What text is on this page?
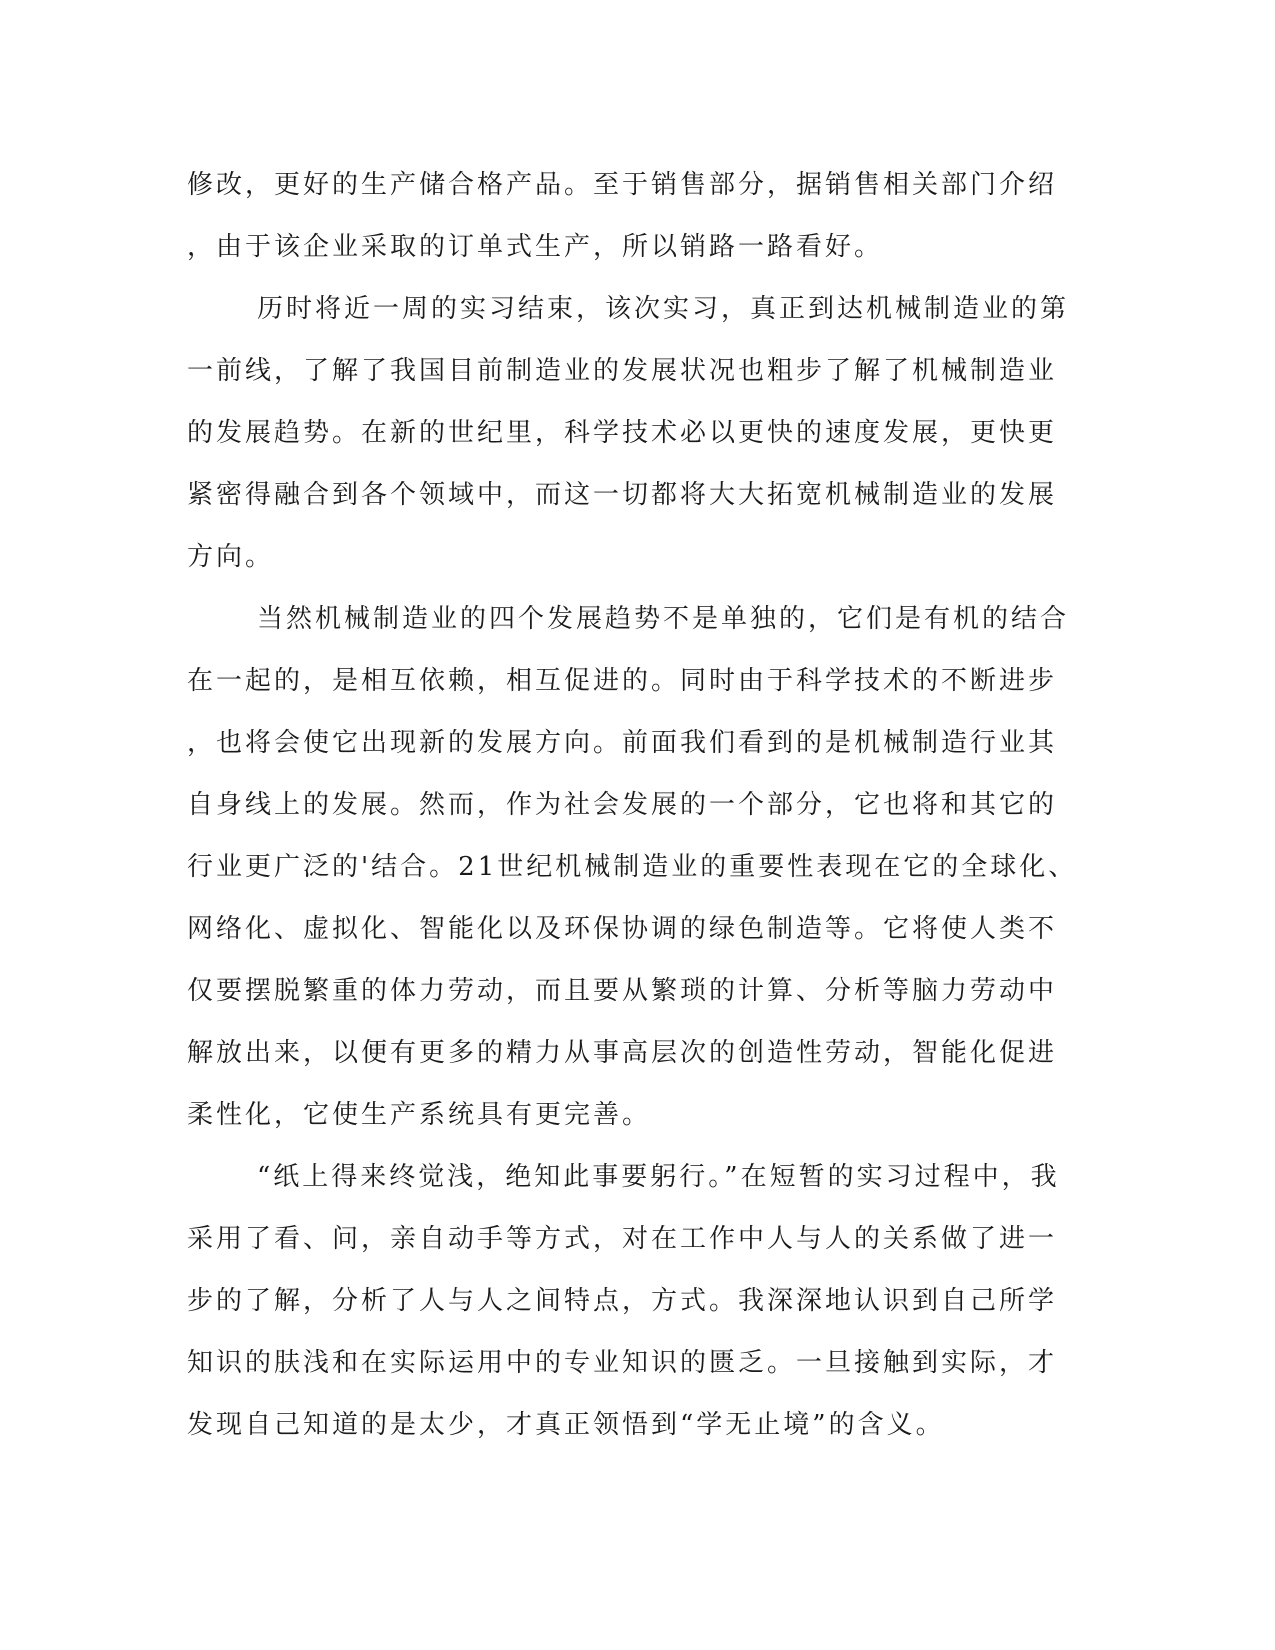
修改，更好的生产储合格产品。至于销售部分，据销售相关部门介绍
，由于该企业采取的订单式生产，所以销路一路看好。
历时将近一周的实习结束，该次实习，真正到达机械制造业的第
一前线，了解了我国目前制造业的发展状况也粗步了解了机械制造业
的发展趋势。在新的世纪里，科学技术必以更快的速度发展，更快更
紧密得融合到各个领域中，而这一切都将大大拓宽机械制造业的发展
方向。
当然机械制造业的四个发展趋势不是单独的，它们是有机的结合
在一起的，是相互依赖，相互促进的。同时由于科学技术的不断进步
，也将会使它出现新的发展方向。前面我们看到的是机械制造行业其
自身线上的发展。然而，作为社会发展的一个部分，它也将和其它的
行业更广泛的'结合。21世纪机械制造业的重要性表现在它的全球化、
网络化、虚拟化、智能化以及环保协调的绿色制造等。它将使人类不
仅要摆脱繁重的体力劳动，而且要从繁琐的计算、分析等脑力劳动中
解放出来，以便有更多的精力从事高层次的创造性劳动，智能化促进
柔性化，它使生产系统具有更完善。
“纸上得来终觉浅，绝知此事要躬行。”在短暂的实习过程中，我
采用了看、问，亲自动手等方式，对在工作中人与人的关系做了进一
步的了解，分析了人与人之间特点，方式。我深深地认识到自己所学
知识的肤浅和在实际运用中的专业知识的匮乏。一旦接触到实际，才
发现自己知道的是太少，才真正领悟到“学无止境”的含义。
